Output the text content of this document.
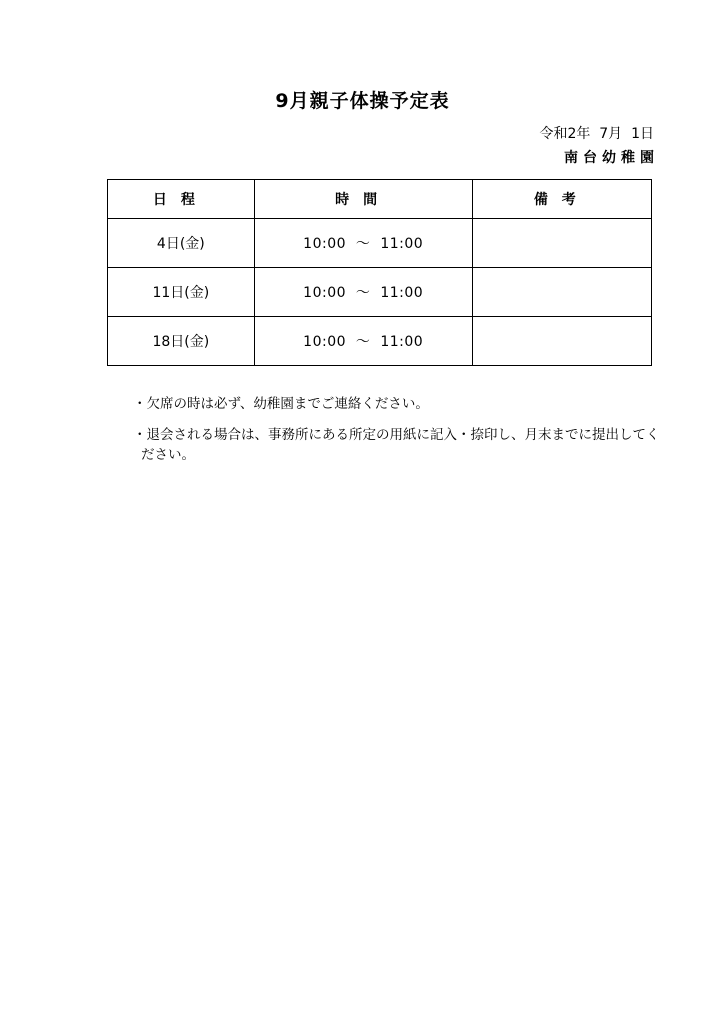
9月親子体操予定表
令和2年  7月  1日
南台幼稚園
日程	時間	備考
4日(金)	10:00  ～  11:00	
11日(金)	10:00  ～  11:00	
18日(金)	10:00  ～  11:00	

・欠席の時は必ず、幼稚園までご連絡ください。

・退会される場合は、事務所にある所定の用紙に記入・捺印し、月末までに提出してください。
